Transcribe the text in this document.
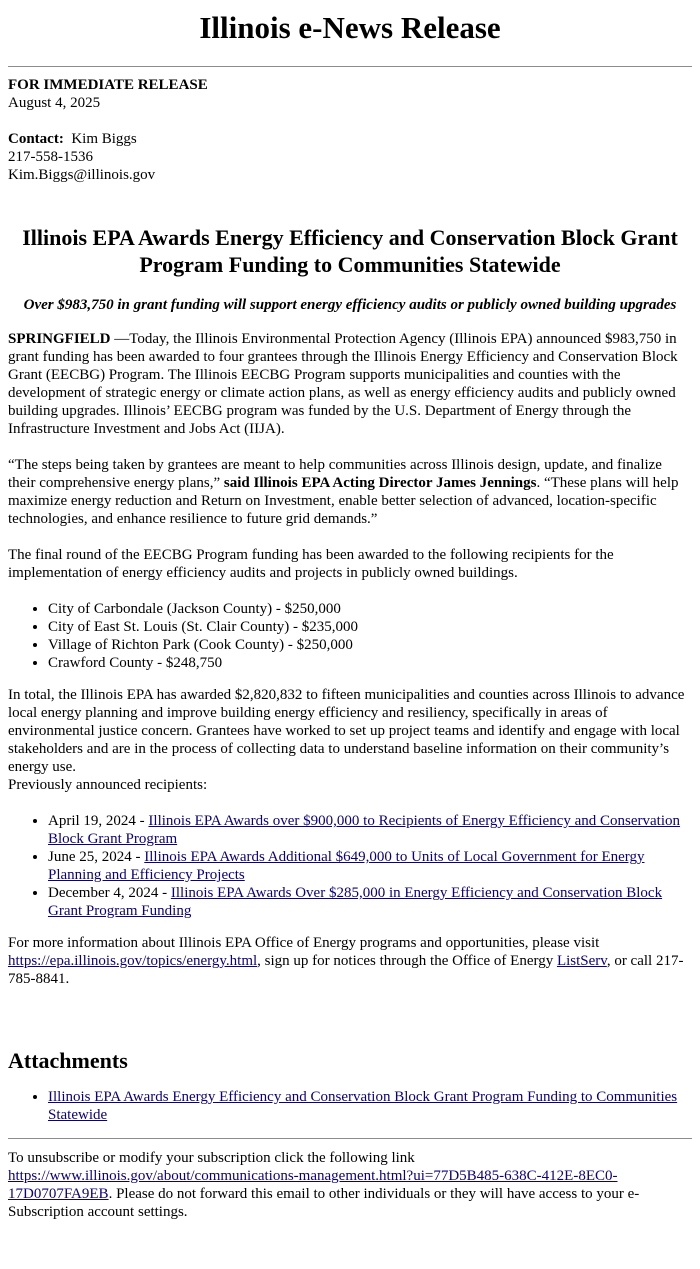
Illinois e-News Release
FOR IMMEDIATE RELEASE
August 4, 2025
Contact: Kim Biggs
217-558-1536
Kim.Biggs@illinois.gov
Illinois EPA Awards Energy Efficiency and Conservation Block Grant Program Funding to Communities Statewide
Over $983,750 in grant funding will support energy efficiency audits or publicly owned building upgrades

SPRINGFIELD —Today, the Illinois Environmental Protection Agency (Illinois EPA) announced $983,750 in grant funding has been awarded to four grantees through the Illinois Energy Efficiency and Conservation Block Grant (EECBG) Program. The Illinois EECBG Program supports municipalities and counties with the development of strategic energy or climate action plans, as well as energy efficiency audits and publicly owned building upgrades. Illinois’ EECBG program was funded by the U.S. Department of Energy through the Infrastructure Investment and Jobs Act (IIJA).

“The steps being taken by grantees are meant to help communities across Illinois design, update, and finalize their comprehensive energy plans,” said Illinois EPA Acting Director James Jennings. “These plans will help maximize energy reduction and Return on Investment, enable better selection of advanced, location-specific technologies, and enhance resilience to future grid demands.”

The final round of the EECBG Program funding has been awarded to the following recipients for the implementation of energy efficiency audits and projects in publicly owned buildings.

• City of Carbondale (Jackson County) - $250,000
• City of East St. Louis (St. Clair County) - $235,000
• Village of Richton Park (Cook County) - $250,000
• Crawford County - $248,750
In total, the Illinois EPA has awarded $2,820,832 to fifteen municipalities and counties across Illinois to advance local energy planning and improve building energy efficiency and resiliency, specifically in areas of environmental justice concern. Grantees have worked to set up project teams and identify and engage with local stakeholders and are in the process of collecting data to understand baseline information on their community’s energy use.
Previously announced recipients:
• April 19, 2024 - Illinois EPA Awards over $900,000 to Recipients of Energy Efficiency and Conservation Block Grant Program
• June 25, 2024 - Illinois EPA Awards Additional $649,000 to Units of Local Government for Energy Planning and Efficiency Projects
• December 4, 2024 - Illinois EPA Awards Over $285,000 in Energy Efficiency and Conservation Block Grant Program Funding

For more information about Illinois EPA Office of Energy programs and opportunities, please visit https://epa.illinois.gov/topics/energy.html, sign up for notices through the Office of Energy ListServ, or call 217-785-8841.

Attachments
• Illinois EPA Awards Energy Efficiency and Conservation Block Grant Program Funding to Communities Statewide
To unsubscribe or modify your subscription click the following link https://www.illinois.gov/about/communications-management.html?ui=77D5B485-638C-412E-8EC0-17D0707FA9EB. Please do not forward this email to other individuals or they will have access to your e-Subscription account settings.
